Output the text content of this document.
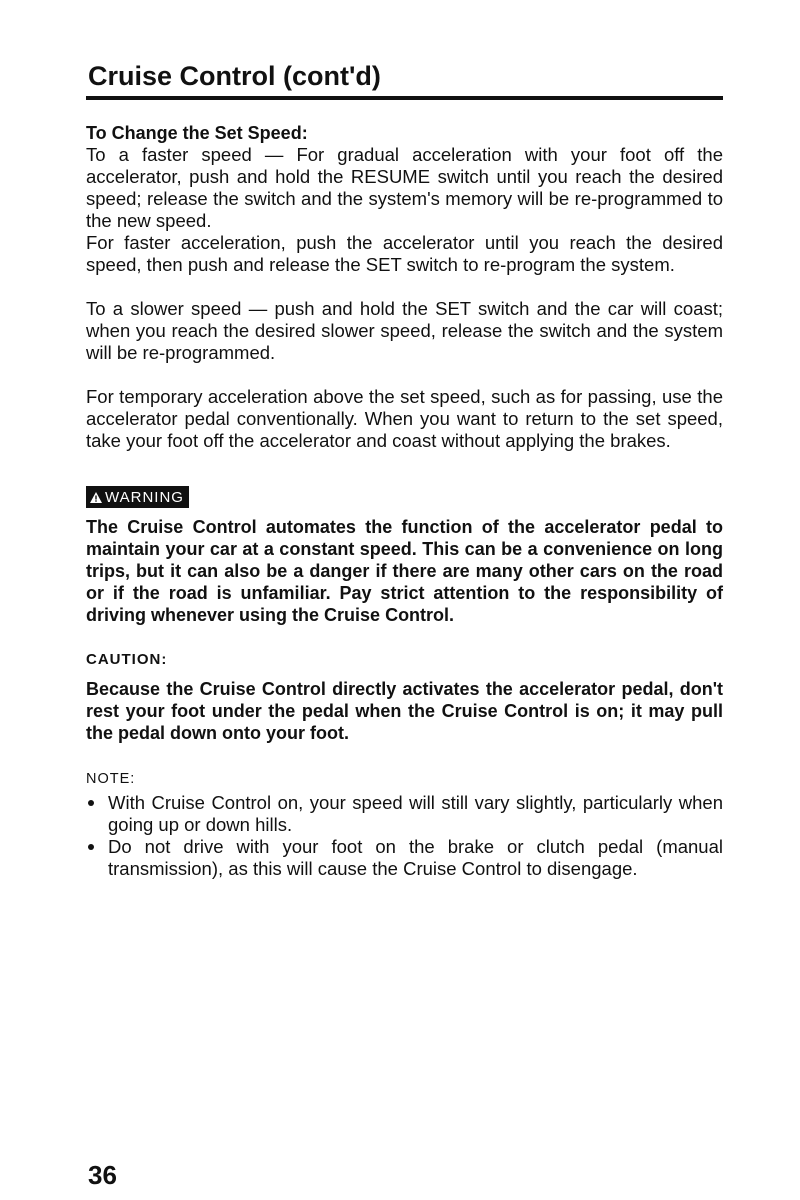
Cruise Control (cont'd)

To Change the Set Speed:

To a faster speed — For gradual acceleration with your foot off the accelerator, push and hold the RESUME switch until you reach the desired speed; release the switch and the system's memory will be re-programmed to the new speed.

For faster acceleration, push the accelerator until you reach the desired speed, then push and release the SET switch to re-program the system.

To a slower speed — push and hold the SET switch and the car will coast; when you reach the desired slower speed, release the switch and the system will be re-programmed.

For temporary acceleration above the set speed, such as for passing, use the accelerator pedal conventionally. When you want to return to the set speed, take your foot off the accelerator and coast without applying the brakes.

WARNING

The Cruise Control automates the function of the accelerator pedal to maintain your car at a constant speed. This can be a convenience on long trips, but it can also be a danger if there are many other cars on the road or if the road is unfamiliar. Pay strict attention to the responsibility of driving whenever using the Cruise Control.

CAUTION:

Because the Cruise Control directly activates the accelerator pedal, don't rest your foot under the pedal when the Cruise Control is on; it may pull the pedal down onto your foot.

NOTE:

With Cruise Control on, your speed will still vary slightly, particularly when going up or down hills.
Do not drive with your foot on the brake or clutch pedal (manual transmission), as this will cause the Cruise Control to disengage.
36
